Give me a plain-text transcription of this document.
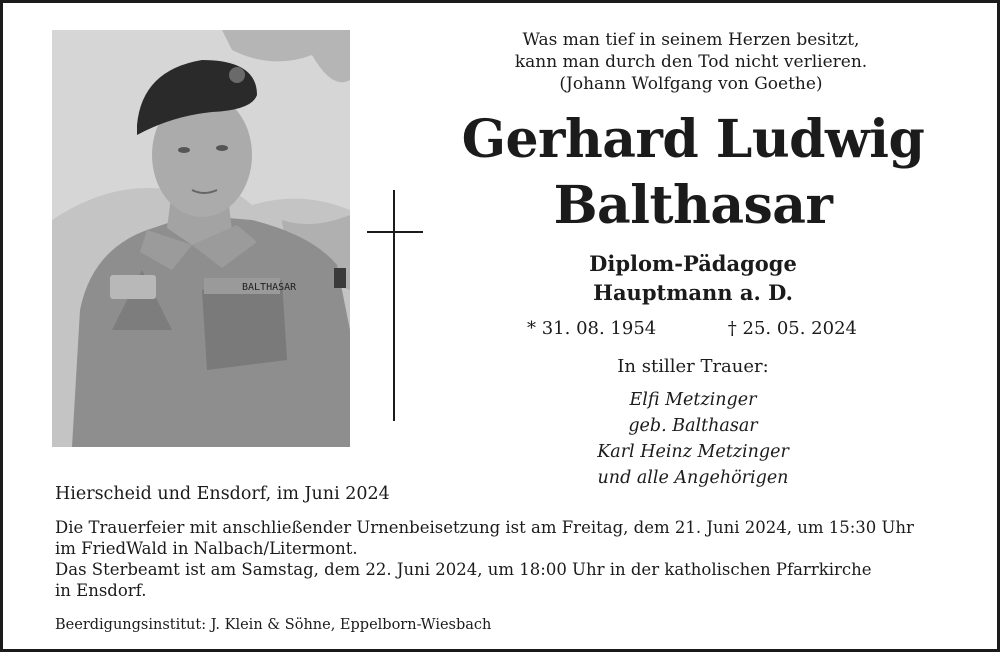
BALTHASAR
Was man tief in seinem Herzen besitzt,
kann man durch den Tod nicht verlieren.
(Johann Wolfgang von Goethe)
Gerhard Ludwig
Balthasar
Diplom-Pädagoge
Hauptmann a. D.
* 31. 08. 1954	† 25. 05. 2024
In stiller Trauer:
Elfi Metzinger
geb. Balthasar
Karl Heinz Metzinger
und alle Angehörigen
Hierscheid und Ensdorf, im Juni 2024
Die Trauerfeier mit anschließender Urnenbeisetzung ist am Freitag, dem 21. Juni 2024, um 15:30 Uhr
im FriedWald in Nalbach/Litermont.
Das Sterbeamt ist am Samstag, dem 22. Juni 2024, um 18:00 Uhr in der katholischen Pfarrkirche
in Ensdorf.
Beerdigungsinstitut: J. Klein & Söhne, Eppelborn-Wiesbach
